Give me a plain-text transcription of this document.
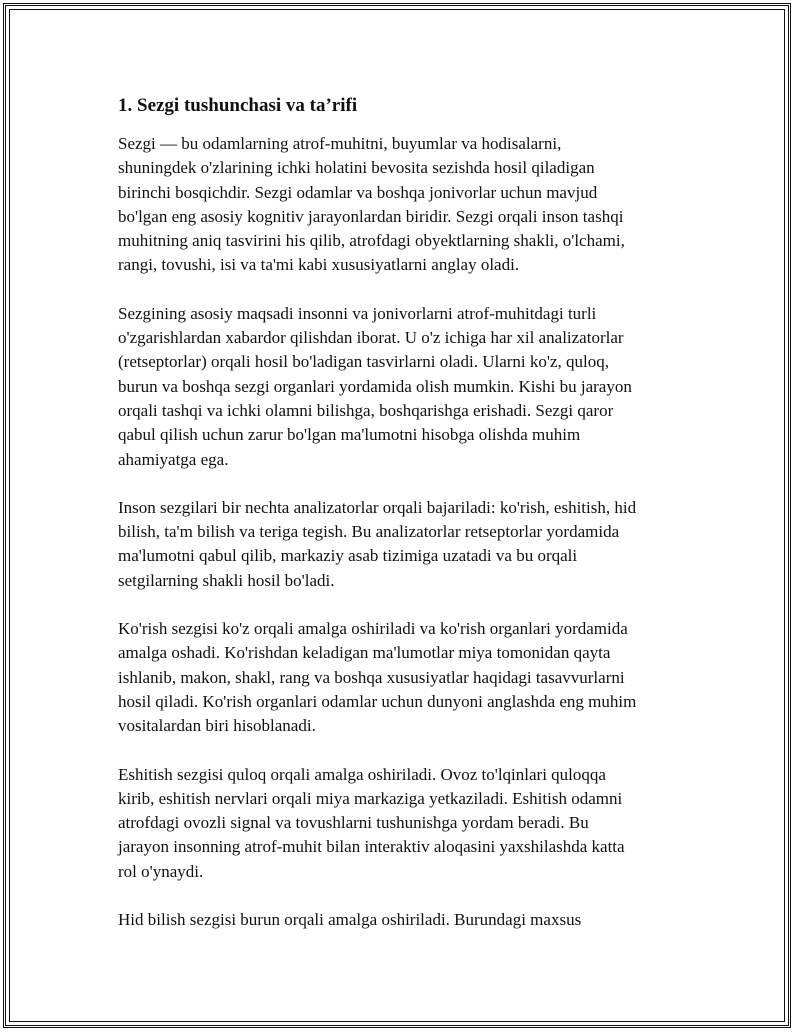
1. Sezgi tushunchasi va ta’rifi

Sezgi — bu odamlarning atrof-muhitni, buyumlar va hodisalarni,
shuningdek o'zlarining ichki holatini bevosita sezishda hosil qiladigan
birinchi bosqichdir. Sezgi odamlar va boshqa jonivorlar uchun mavjud
bo'lgan eng asosiy kognitiv jarayonlardan biridir. Sezgi orqali inson tashqi
muhitning aniq tasvirini his qilib, atrofdagi obyektlarning shakli, o'lchami,
rangi, tovushi, isi va ta'mi kabi xususiyatlarni anglay oladi.

Sezgining asosiy maqsadi insonni va jonivorlarni atrof-muhitdagi turli
o'zgarishlardan xabardor qilishdan iborat. U o'z ichiga har xil analizatorlar
(retseptorlar) orqali hosil bo'ladigan tasvirlarni oladi. Ularni ko'z, quloq,
burun va boshqa sezgi organlari yordamida olish mumkin. Kishi bu jarayon
orqali tashqi va ichki olamni bilishga, boshqarishga erishadi. Sezgi qaror
qabul qilish uchun zarur bo'lgan ma'lumotni hisobga olishda muhim
ahamiyatga ega.

Inson sezgilari bir nechta analizatorlar orqali bajariladi: ko'rish, eshitish, hid
bilish, ta'm bilish va teriga tegish. Bu analizatorlar retseptorlar yordamida
ma'lumotni qabul qilib, markaziy asab tizimiga uzatadi va bu orqali
setgilarning shakli hosil bo'ladi.

Ko'rish sezgisi ko'z orqali amalga oshiriladi va ko'rish organlari yordamida
amalga oshadi. Ko'rishdan keladigan ma'lumotlar miya tomonidan qayta
ishlanib, makon, shakl, rang va boshqa xususiyatlar haqidagi tasavvurlarni
hosil qiladi. Ko'rish organlari odamlar uchun dunyoni anglashda eng muhim
vositalardan biri hisoblanadi.

Eshitish sezgisi quloq orqali amalga oshiriladi. Ovoz to'lqinlari quloqqa
kirib, eshitish nervlari orqali miya markaziga yetkaziladi. Eshitish odamni
atrofdagi ovozli signal va tovushlarni tushunishga yordam beradi. Bu
jarayon insonning atrof-muhit bilan interaktiv aloqasini yaxshilashda katta
rol o'ynaydi.

Hid bilish sezgisi burun orqali amalga oshiriladi. Burundagi maxsus
